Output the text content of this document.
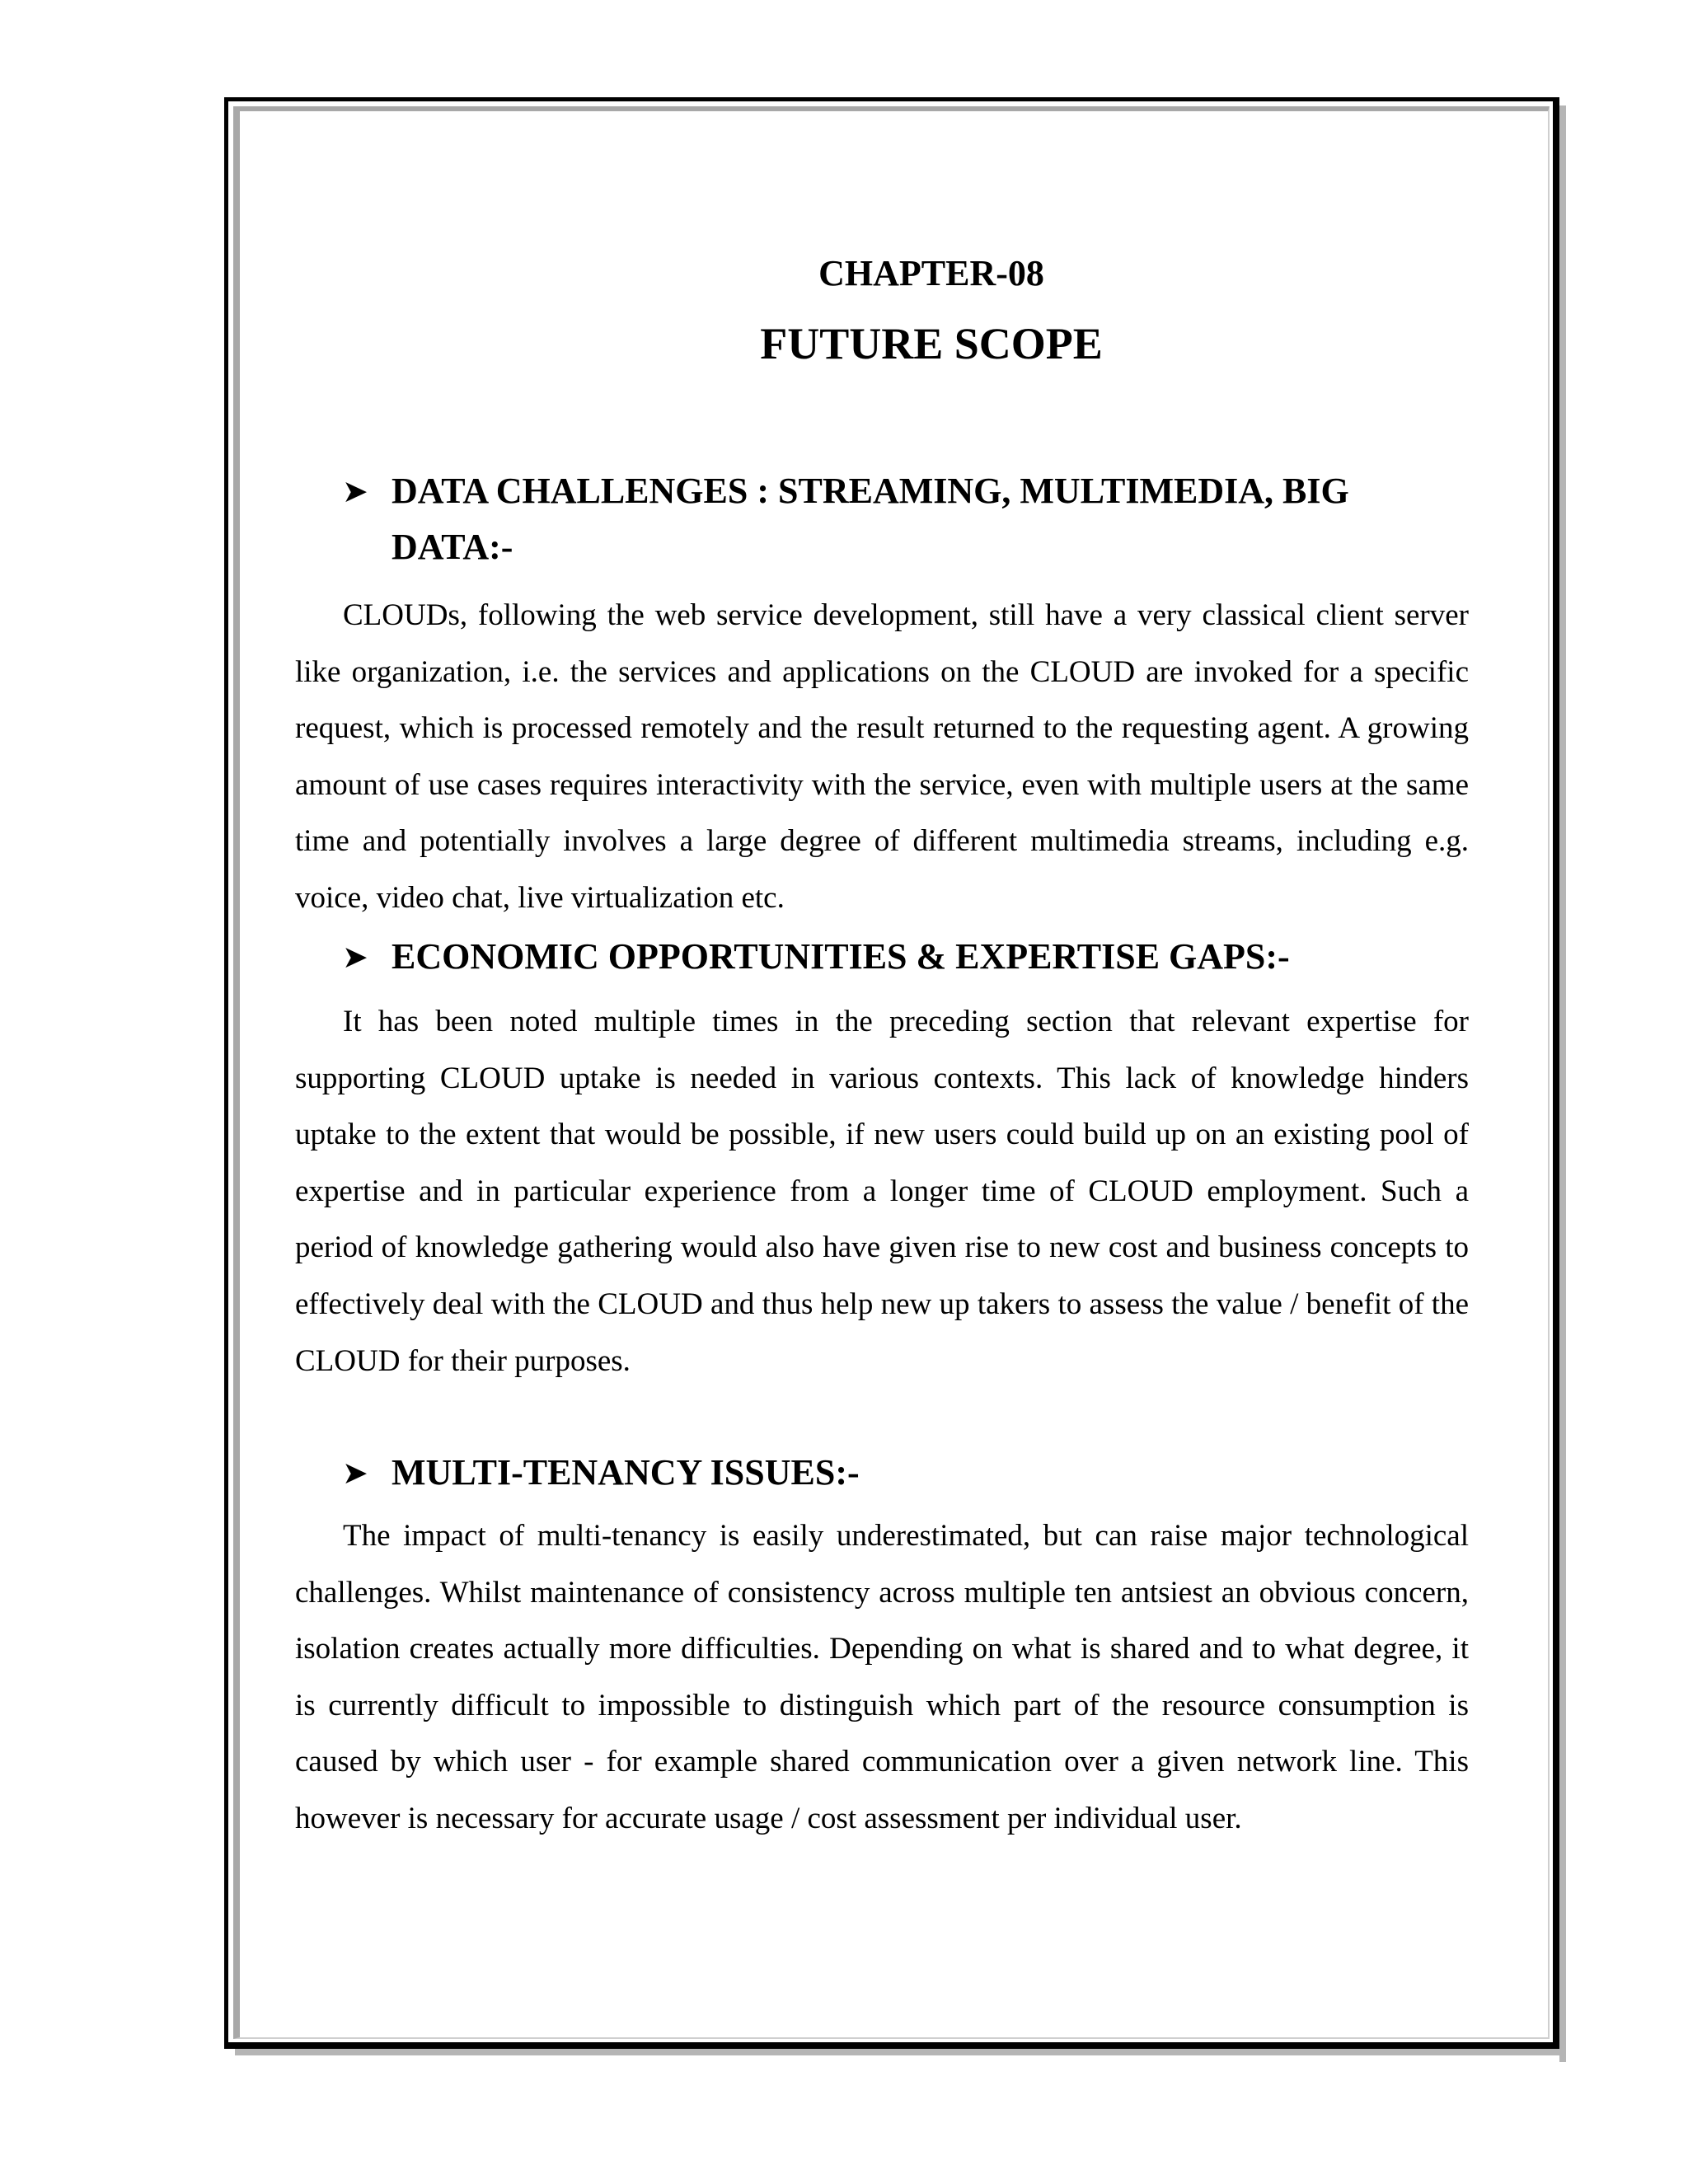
CHAPTER-08
FUTURE SCOPE
➤ DATA CHALLENGES : STREAMING, MULTIMEDIA, BIG DATA:-

CLOUDs, following the web service development, still have a very classical client server like organization, i.e. the services and applications on the CLOUD are invoked for a specific request, which is processed remotely and the result returned to the requesting agent. A growing amount of use cases requires interactivity with the service, even with multiple users at the same time and potentially involves a large degree of different multimedia streams, including e.g. voice, video chat, live virtualization etc.

➤ ECONOMIC OPPORTUNITIES & EXPERTISE GAPS:-

It has been noted multiple times in the preceding section that relevant expertise for supporting CLOUD uptake is needed in various contexts. This lack of knowledge hinders uptake to the extent that would be possible, if new users could build up on an existing pool of expertise and in particular experience from a longer time of CLOUD employment. Such a period of knowledge gathering would also have given rise to new cost and business concepts to effectively deal with the CLOUD and thus help new up takers to assess the value / benefit of the CLOUD for their purposes.

➤ MULTI-TENANCY ISSUES:-

The impact of multi-tenancy is easily underestimated, but can raise major technological challenges. Whilst maintenance of consistency across multiple ten antsiest an obvious concern, isolation creates actually more difficulties. Depending on what is shared and to what degree, it is currently difficult to impossible to distinguish which part of the resource consumption is caused by which user - for example shared communication over a given network line. This however is necessary for accurate usage / cost assessment per individual user.
